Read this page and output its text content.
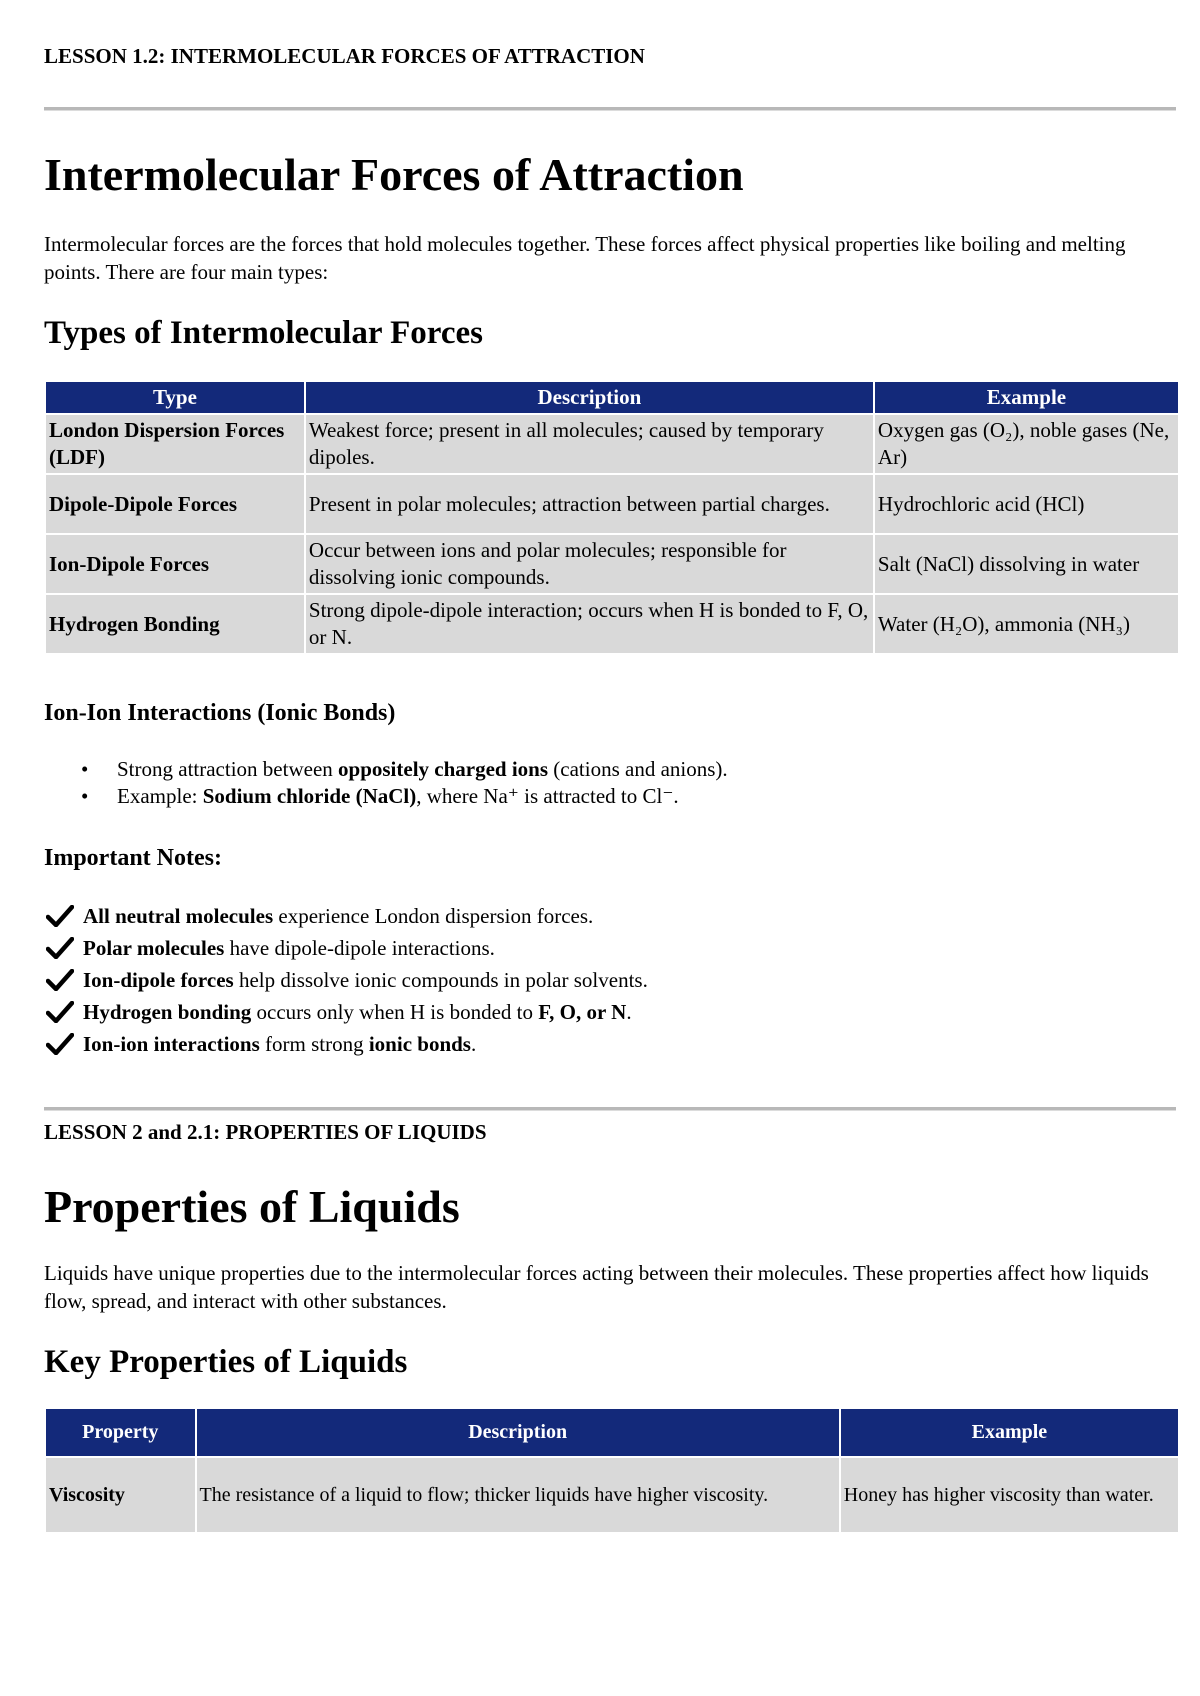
LESSON 1.2: INTERMOLECULAR FORCES OF ATTRACTION
Intermolecular Forces of Attraction
Intermolecular forces are the forces that hold molecules together. These forces affect physical properties like boiling and melting points. There are four main types:
Types of Intermolecular Forces
Type	Description	Example
London Dispersion Forces (LDF)	Weakest force; present in all molecules; caused by temporary dipoles.	Oxygen gas (O₂), noble gases (Ne, Ar)
Dipole-Dipole Forces	Present in polar molecules; attraction between partial charges.	Hydrochloric acid (HCl)
Ion-Dipole Forces	Occur between ions and polar molecules; responsible for dissolving ionic compounds.	Salt (NaCl) dissolving in water
Hydrogen Bonding	Strong dipole-dipole interaction; occurs when H is bonded to F, O, or N.	Water (H₂O), ammonia (NH₃)
Ion-Ion Interactions (Ionic Bonds)
• Strong attraction between oppositely charged ions (cations and anions).
• Example: Sodium chloride (NaCl), where Na⁺ is attracted to Cl⁻.
Important Notes:
All neutral molecules experience London dispersion forces.
Polar molecules have dipole-dipole interactions.
Ion-dipole forces help dissolve ionic compounds in polar solvents.
Hydrogen bonding occurs only when H is bonded to F, O, or N.
Ion-ion interactions form strong ionic bonds.
LESSON 2 and 2.1: PROPERTIES OF LIQUIDS
Properties of Liquids
Liquids have unique properties due to the intermolecular forces acting between their molecules. These properties affect how liquids flow, spread, and interact with other substances.
Key Properties of Liquids
Property	Description	Example
Viscosity	The resistance of a liquid to flow; thicker liquids have higher viscosity.	Honey has higher viscosity than water.
